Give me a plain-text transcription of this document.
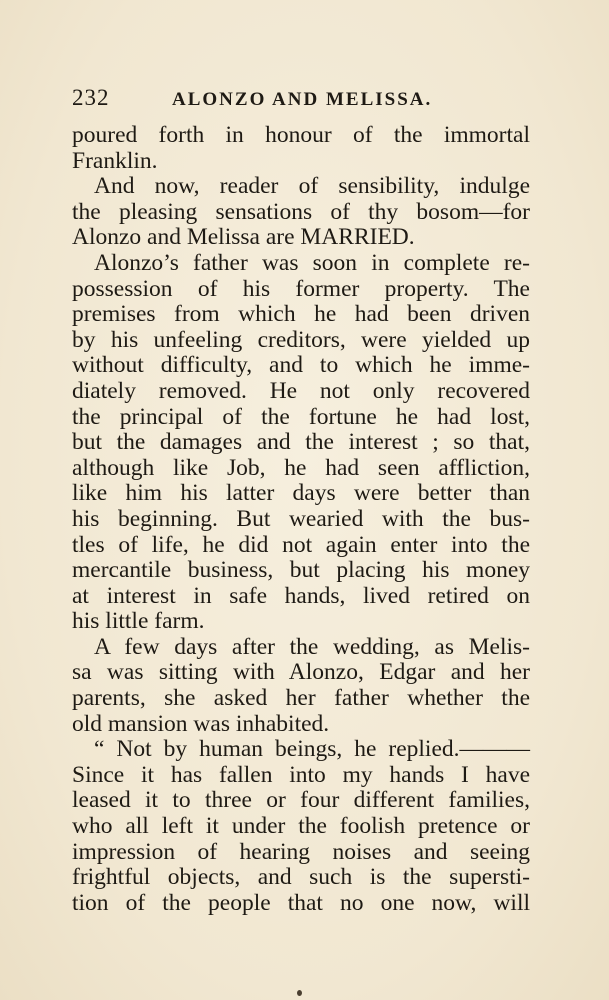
232	ALONZO AND MELISSA.
poured forth in honour of the immortal
Franklin.
And now, reader of sensibility, indulge
the pleasing sensations of thy bosom—for
Alonzo and Melissa are MARRIED.
Alonzo’s father was soon in complete re-
possession of his former property. The
premises from which he had been driven
by his unfeeling creditors, were yielded up
without difficulty, and to which he imme-
diately removed. He not only recovered
the principal of the fortune he had lost,
but the damages and the interest ; so that,
although like Job, he had seen affliction,
like him his latter days were better than
his beginning. But wearied with the bus-
tles of life, he did not again enter into the
mercantile business, but placing his money
at interest in safe hands, lived retired on
his little farm.
A few days after the wedding, as Melis-
sa was sitting with Alonzo, Edgar and her
parents, she asked her father whether the
old mansion was inhabited.
“ Not by human beings, he replied.———
Since it has fallen into my hands I have
leased it to three or four different families,
who all left it under the foolish pretence or
impression of hearing noises and seeing
frightful objects, and such is the supersti-
tion of the people that no one now, will
